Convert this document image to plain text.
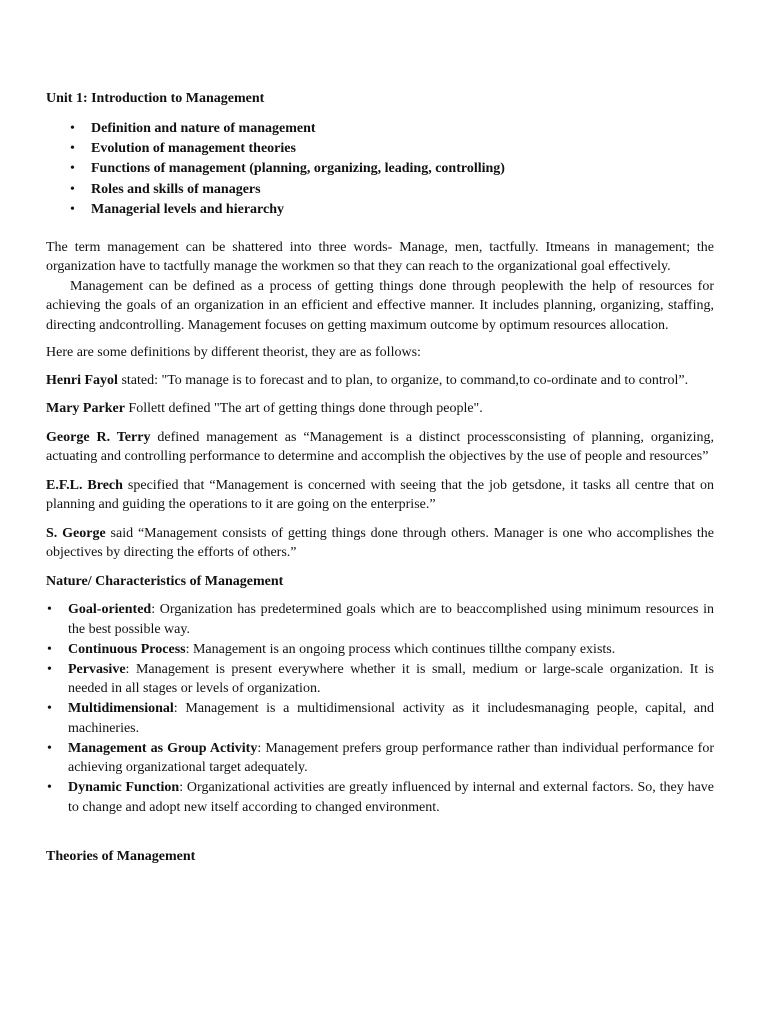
Unit 1: Introduction to Management
• Definition and nature of management
• Evolution of management theories
• Functions of management (planning, organizing, leading, controlling)
• Roles and skills of managers
• Managerial levels and hierarchy

The term management can be shattered into three words- Manage, men, tactfully. Itmeans in management; the organization have to tactfully manage the workmen so that they can reach to the organizational goal effectively.

Management can be defined as a process of getting things done through peoplewith the help of resources for achieving the goals of an organization in an efficient and effective manner. It includes planning, organizing, staffing, directing andcontrolling. Management focuses on getting maximum outcome by optimum resources allocation.

Here are some definitions by different theorist, they are as follows:

Henri Fayol stated: "To manage is to forecast and to plan, to organize, to command,to co-ordinate and to control”.

Mary Parker Follett defined "The art of getting things done through people".

George R. Terry defined management as “Management is a distinct processconsisting of planning, organizing, actuating and controlling performance to determine and accomplish the objectives by the use of people and resources”

E.F.L. Brech specified that “Management is concerned with seeing that the job getsdone, it tasks all centre that on planning and guiding the operations to it are going on the enterprise.”

S. George said “Management consists of getting things done through others. Manager is one who accomplishes the objectives by directing the efforts of others.”

Nature/ Characteristics of Management
• Goal-oriented: Organization has predetermined goals which are to beaccomplished using minimum resources in the best possible way.
• Continuous Process: Management is an ongoing process which continues tillthe company exists.
• Pervasive: Management is present everywhere whether it is small, medium or large-scale organization. It is needed in all stages or levels of organization.
• Multidimensional: Management is a multidimensional activity as it includesmanaging people, capital, and machineries.
• Management as Group Activity: Management prefers group performance rather than individual performance for achieving organizational target adequately.
• Dynamic Function: Organizational activities are greatly influenced by internal and external factors. So, they have to change and adopt new itself according to changed environment.
Theories of Management
